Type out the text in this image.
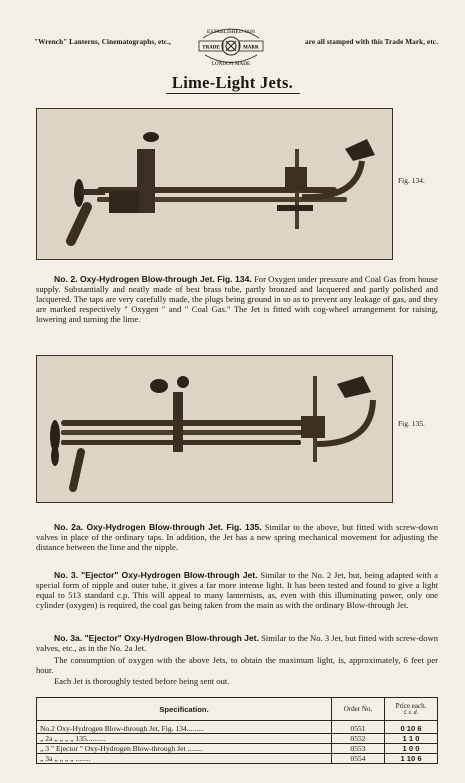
"Wrench" Lanterns, Cinematographs, etc.,	are all stamped with this Trade Mark, etc.
ESTABLISHED 1816
TRADE	MARK
LONDON MADE
Lime-Light Jets.
Fig. 134.

No. 2. Oxy-Hydrogen Blow-through Jet. Fig. 134. For Oxygen under pressure and Coal Gas from house supply. Substantially and neatly made of best brass tube, partly bronzed and lacquered and partly polished and lacquered. The taps are very carefully made, the plugs being ground in so as to prevent any leakage of gas, and they are marked respectively " Oxygen " and " Coal Gas." The Jet is fitted with cog-wheel arrangement for raising, lowering and turning the lime.

Fig. 135.

No. 2a. Oxy-Hydrogen Blow-through Jet. Fig. 135. Similar to the above, but fitted with screw-down valves in place of the ordinary taps. In addition, the Jet has a new spring mechanical movement for adjusting the distance between the lime and the nipple.

No. 3. "Ejector" Oxy-Hydrogen Blow-through Jet. Similar to the No. 2 Jet, but, being adapted with a special form of nipple and outer tube, it gives a far more intense light. It has been tested and found to give a light equal to 513 standard c.p. This will appeal to many lanternists, as, even with this illuminating power, only one cylinder (oxygen) is required, the coal gas being taken from the main as with the ordinary Blow-through Jet.

No. 3a. "Ejector" Oxy-Hydrogen Blow-through Jet. Similar to the No. 3 Jet, but fitted with screw-down valves, etc., as in the No. 2a Jet.

The consumption of oxygen with the above Jets, to obtain the maximum light, is, approximately, 6 feet per hour.

Each Jet is thoroughly tested before being sent out.

Specification.	Order No.	Price each.
£ s. d.

No.2 Oxy-Hydrogen Blow-through Jet, Fig. 134.........	0551	0 10 6
„ 2a „ „ „ „ 135..........	0552	1 1 0
„ 3 " Ejector " Oxy-Hydrogen Blow-through Jet ........	0553	1 0 0
„ 3a „ „ „ „ ........	0554	1 10 6
